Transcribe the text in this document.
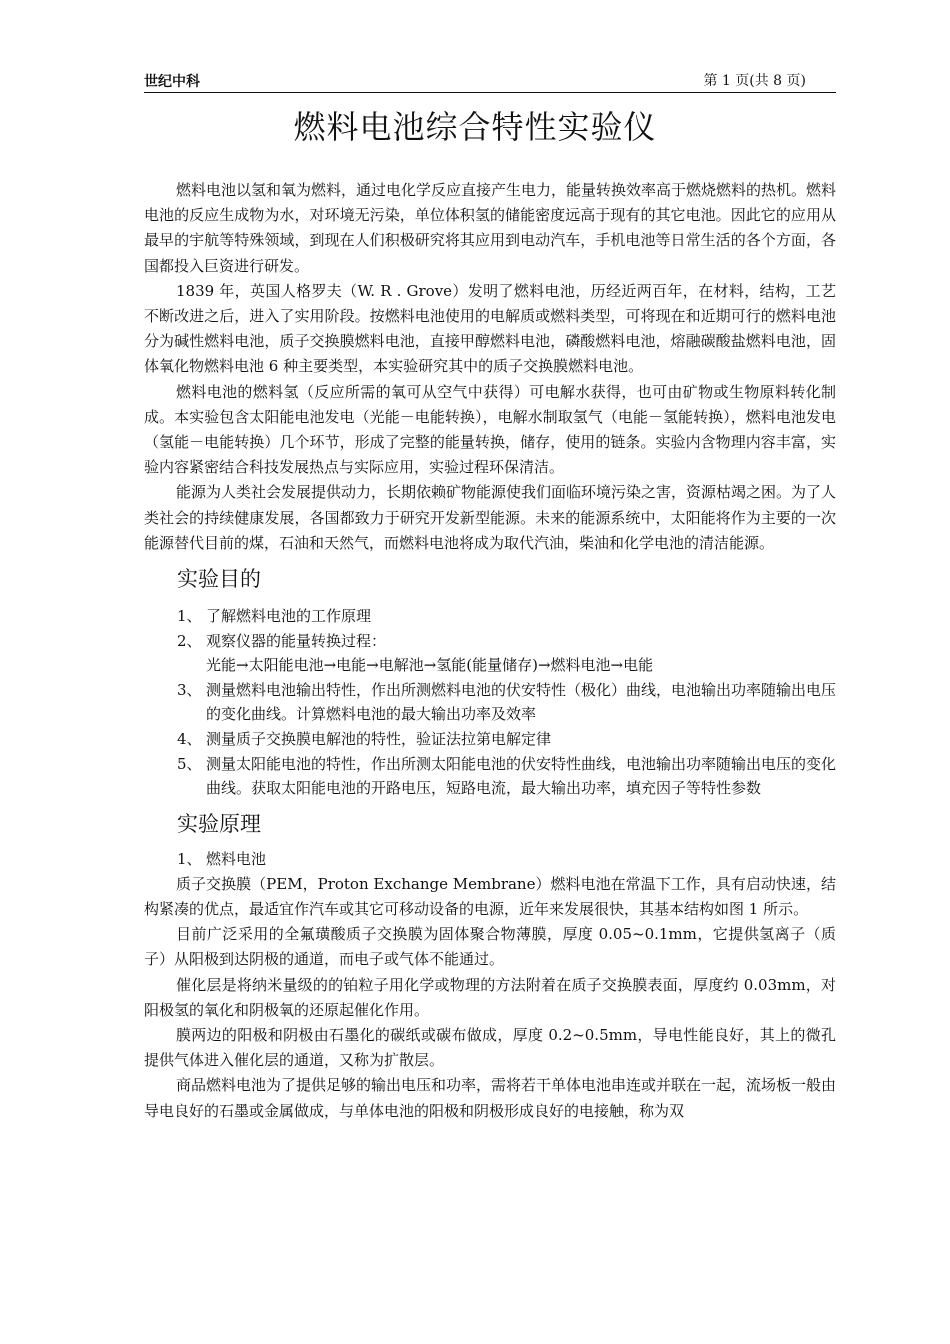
世纪中科	第 1 页(共 8 页)
燃料电池综合特性实验仪

燃料电池以氢和氧为燃料，通过电化学反应直接产生电力，能量转换效率高于燃烧燃料的热机。燃料电池的反应生成物为水，对环境无污染，单位体积氢的储能密度远高于现有的其它电池。因此它的应用从最早的宇航等特殊领域，到现在人们积极研究将其应用到电动汽车，手机电池等日常生活的各个方面，各国都投入巨资进行研发。

1839 年，英国人格罗夫（W. R . Grove）发明了燃料电池，历经近两百年，在材料，结构，工艺不断改进之后，进入了实用阶段。按燃料电池使用的电解质或燃料类型，可将现在和近期可行的燃料电池分为碱性燃料电池，质子交换膜燃料电池，直接甲醇燃料电池，磷酸燃料电池，熔融碳酸盐燃料电池，固体氧化物燃料电池 6 种主要类型，本实验研究其中的质子交换膜燃料电池。

燃料电池的燃料氢（反应所需的氧可从空气中获得）可电解水获得，也可由矿物或生物原料转化制成。本实验包含太阳能电池发电（光能－电能转换），电解水制取氢气（电能－氢能转换），燃料电池发电（氢能－电能转换）几个环节，形成了完整的能量转换，储存，使用的链条。实验内含物理内容丰富，实验内容紧密结合科技发展热点与实际应用，实验过程环保清洁。

能源为人类社会发展提供动力，长期依赖矿物能源使我们面临环境污染之害，资源枯竭之困。为了人类社会的持续健康发展，各国都致力于研究开发新型能源。未来的能源系统中，太阳能将作为主要的一次能源替代目前的煤，石油和天然气，而燃料电池将成为取代汽油，柴油和化学电池的清洁能源。

实验目的
1、 了解燃料电池的工作原理
2、 观察仪器的能量转换过程：
光能→太阳能电池→电能→电解池→氢能(能量储存)→燃料电池→电能
3、 测量燃料电池输出特性，作出所测燃料电池的伏安特性（极化）曲线，电池输出功率随输出电压的变化曲线。计算燃料电池的最大输出功率及效率
4、 测量质子交换膜电解池的特性，验证法拉第电解定律
5、 测量太阳能电池的特性，作出所测太阳能电池的伏安特性曲线，电池输出功率随输出电压的变化曲线。获取太阳能电池的开路电压，短路电流，最大输出功率，填充因子等特性参数
实验原理
1、 燃料电池

质子交换膜（PEM，Proton Exchange Membrane）燃料电池在常温下工作，具有启动快速，结构紧凑的优点，最适宜作汽车或其它可移动设备的电源，近年来发展很快，其基本结构如图 1 所示。

目前广泛采用的全氟璜酸质子交换膜为固体聚合物薄膜，厚度 0.05~0.1mm，它提供氢离子（质子）从阳极到达阴极的通道，而电子或气体不能通过。

催化层是将纳米量级的的铂粒子用化学或物理的方法附着在质子交换膜表面，厚度约 0.03mm，对阳极氢的氧化和阴极氧的还原起催化作用。

膜两边的阳极和阴极由石墨化的碳纸或碳布做成，厚度 0.2~0.5mm，导电性能良好，其上的微孔提供气体进入催化层的通道，又称为扩散层。

商品燃料电池为了提供足够的输出电压和功率，需将若干单体电池串连或并联在一起，流场板一般由导电良好的石墨或金属做成，与单体电池的阳极和阴极形成良好的电接触，称为双
